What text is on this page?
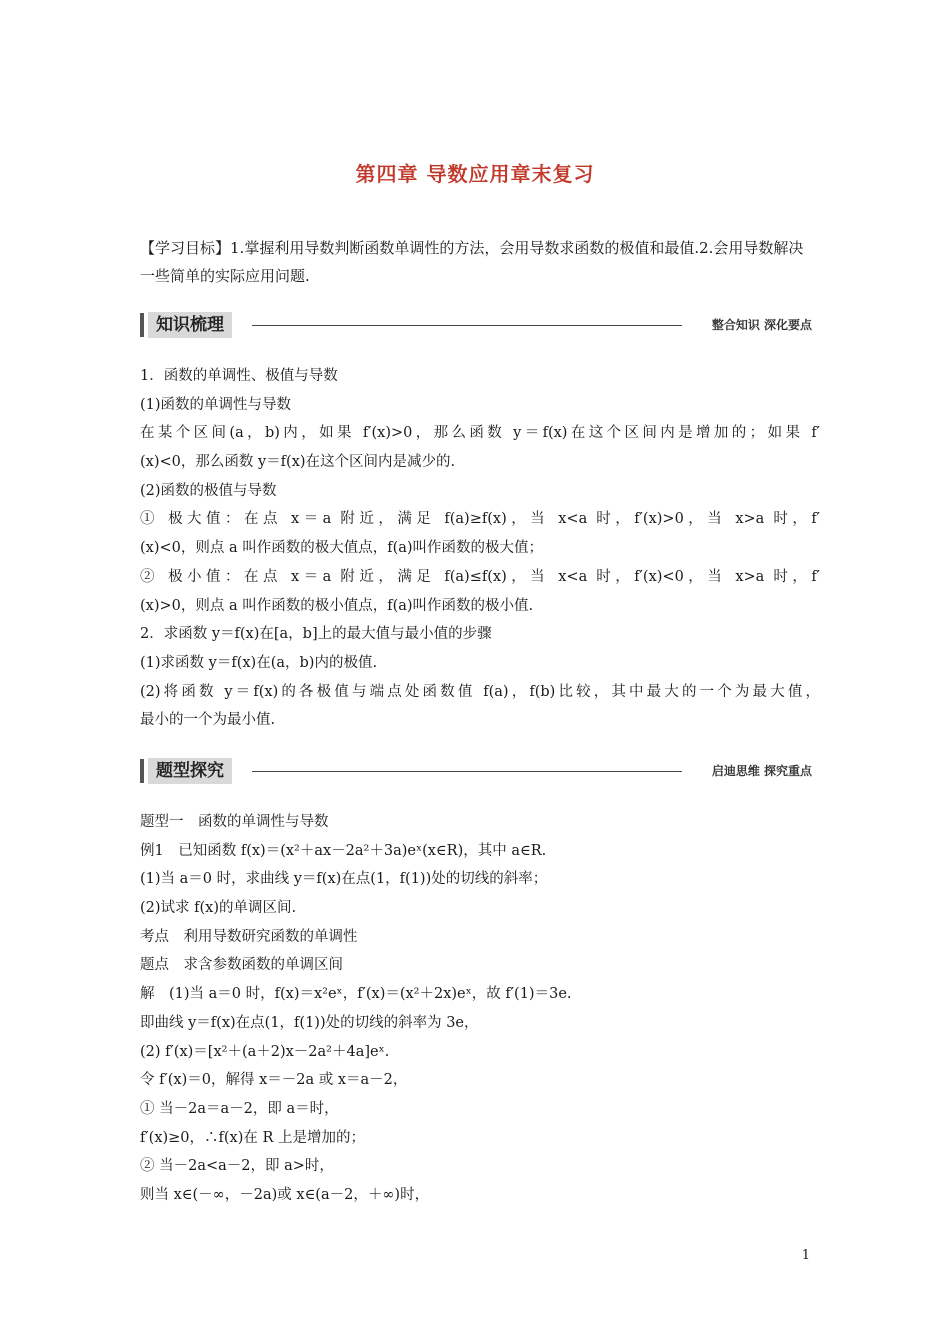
第四章 导数应用章末复习
【学习目标】1.掌握利用导数判断函数单调性的方法，会用导数求函数的极值和最值.2.会用导数解决一些简单的实际应用问题.
知识梳理	整合知识 深化要点
1．函数的单调性、极值与导数
(1)函数的单调性与导数
在某个区间(a，b)内，如果 f′(x)>0，那么函数 y＝f(x)在这个区间内是增加的；如果 f′
(x)<0，那么函数 y＝f(x)在这个区间内是减少的.
(2)函数的极值与导数
① 极大值：在点 x＝a 附近，满足 f(a)≥f(x)，当 x<a 时，f′(x)>0，当 x>a 时，f′
(x)<0，则点 a 叫作函数的极大值点，f(a)叫作函数的极大值；
② 极小值：在点 x＝a 附近，满足 f(a)≤f(x)，当 x<a 时，f′(x)<0，当 x>a 时，f′
(x)>0，则点 a 叫作函数的极小值点，f(a)叫作函数的极小值.
2．求函数 y＝f(x)在[a，b]上的最大值与最小值的步骤
(1)求函数 y＝f(x)在(a，b)内的极值.
(2)将函数 y＝f(x)的各极值与端点处函数值 f(a)，f(b)比较，其中最大的一个为最大值，
最小的一个为最小值.
题型探究	启迪思维 探究重点
题型一　函数的单调性与导数
例1　已知函数 f(x)＝(x²＋ax－2a²＋3a)eˣ(x∈R)，其中 a∈R.
(1)当 a＝0 时，求曲线 y＝f(x)在点(1，f(1))处的切线的斜率；
(2)试求 f(x)的单调区间.
考点　利用导数研究函数的单调性
题点　求含参数函数的单调区间
解　(1)当 a＝0 时，f(x)＝x²eˣ，f′(x)＝(x²＋2x)eˣ，故 f′(1)＝3e.
即曲线 y＝f(x)在点(1，f(1))处的切线的斜率为 3e，
(2) f′(x)＝[x²＋(a＋2)x－2a²＋4a]eˣ.
令 f′(x)＝0，解得 x＝－2a 或 x＝a－2，
① 当－2a＝a－2，即 a＝时，
f′(x)≥0，∴f(x)在 R 上是增加的；
② 当－2a<a－2，即 a>时，
则当 x∈(－∞，－2a)或 x∈(a－2，＋∞)时，
1
